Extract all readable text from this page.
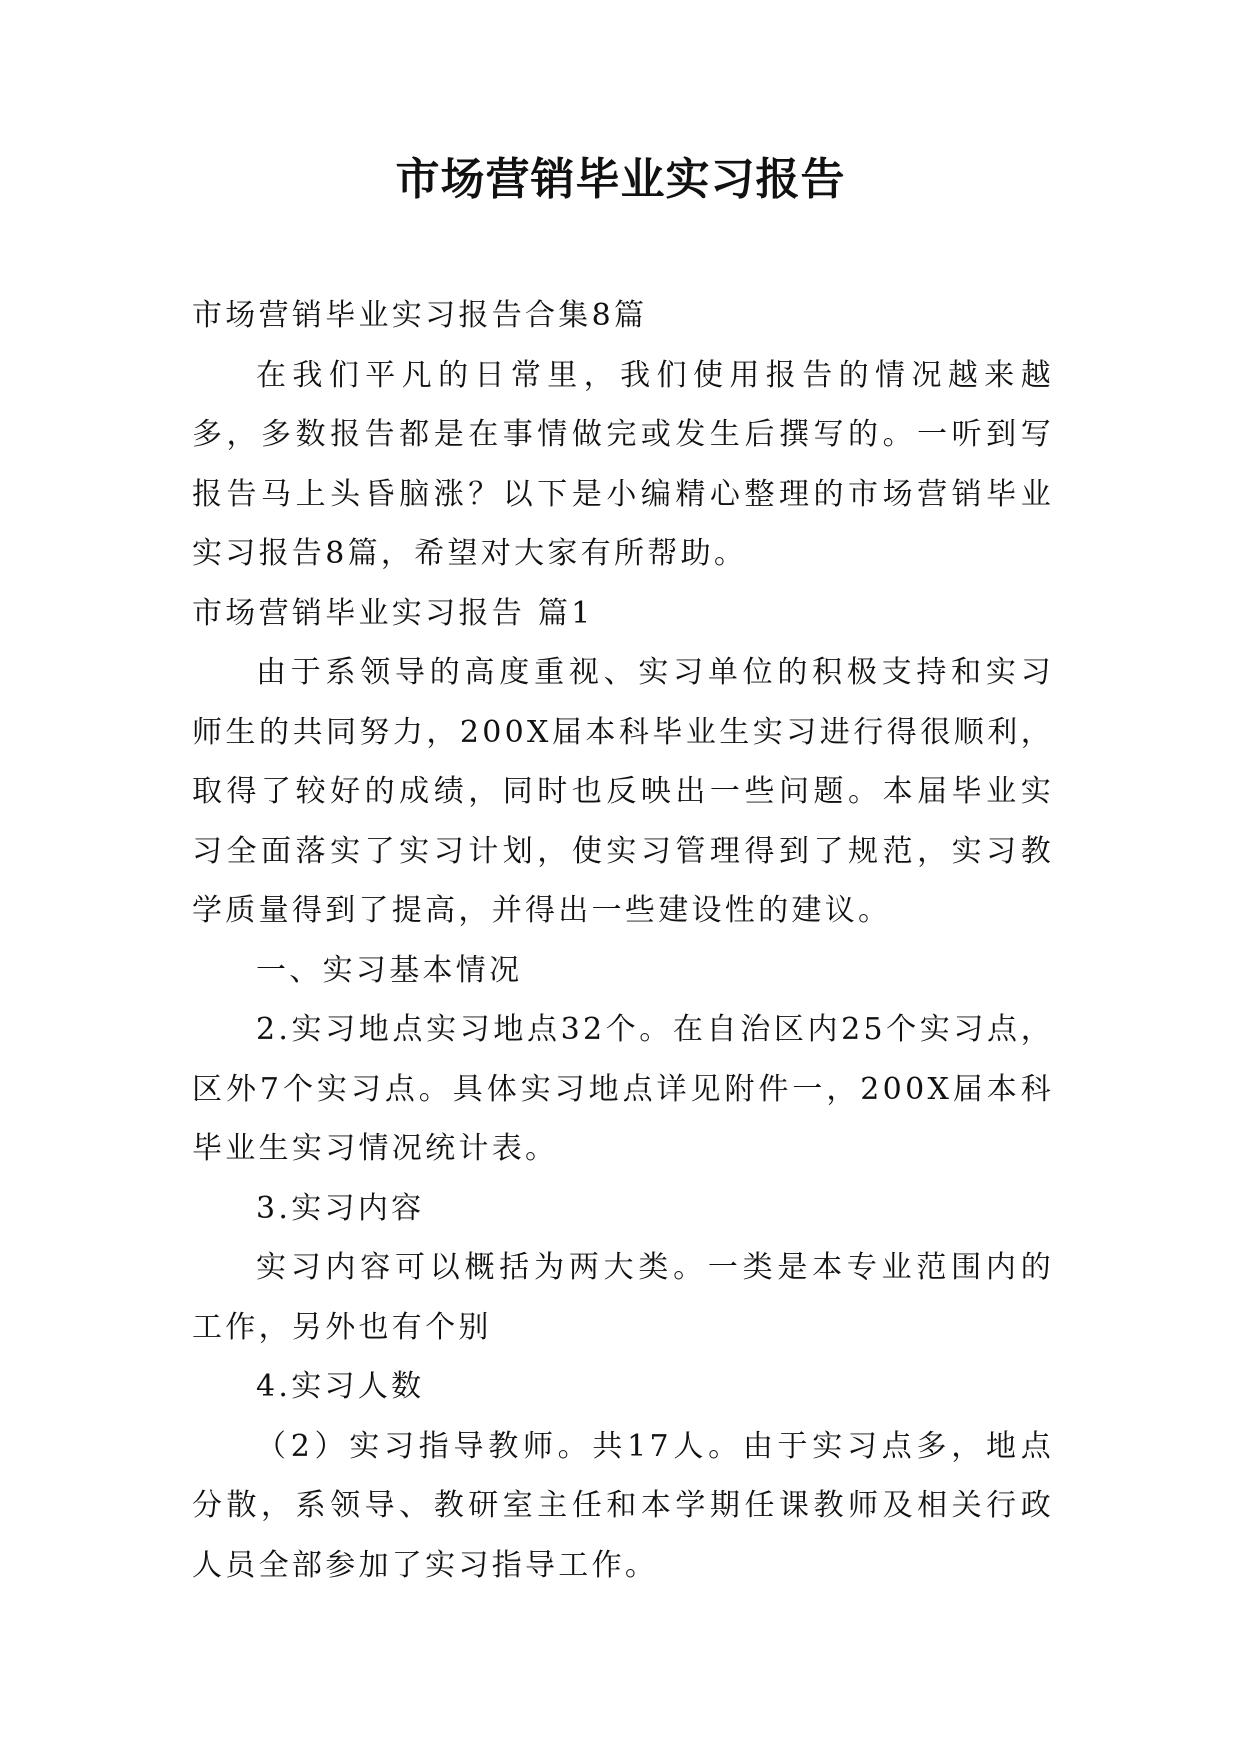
市场营销毕业实习报告

市场营销毕业实习报告合集8篇

在我们平凡的日常里，我们使用报告的情况越来越多，多数报告都是在事情做完或发生后撰写的。一听到写报告马上头昏脑涨？以下是小编精心整理的市场营销毕业实习报告8篇，希望对大家有所帮助。

市场营销毕业实习报告 篇1

由于系领导的高度重视、实习单位的积极支持和实习师生的共同努力，200X届本科毕业生实习进行得很顺利，取得了较好的成绩，同时也反映出一些问题。本届毕业实习全面落实了实习计划，使实习管理得到了规范，实习教学质量得到了提高，并得出一些建设性的建议。

一、实习基本情况

2.实习地点实习地点32个。在自治区内25个实习点，区外7个实习点。具体实习地点详见附件一，200X届本科毕业生实习情况统计表。

3.实习内容

实习内容可以概括为两大类。一类是本专业范围内的工作，另外也有个别

4.实习人数

（2）实习指导教师。共17人。由于实习点多，地点分散，系领导、教研室主任和本学期任课教师及相关行政人员全部参加了实习指导工作。
